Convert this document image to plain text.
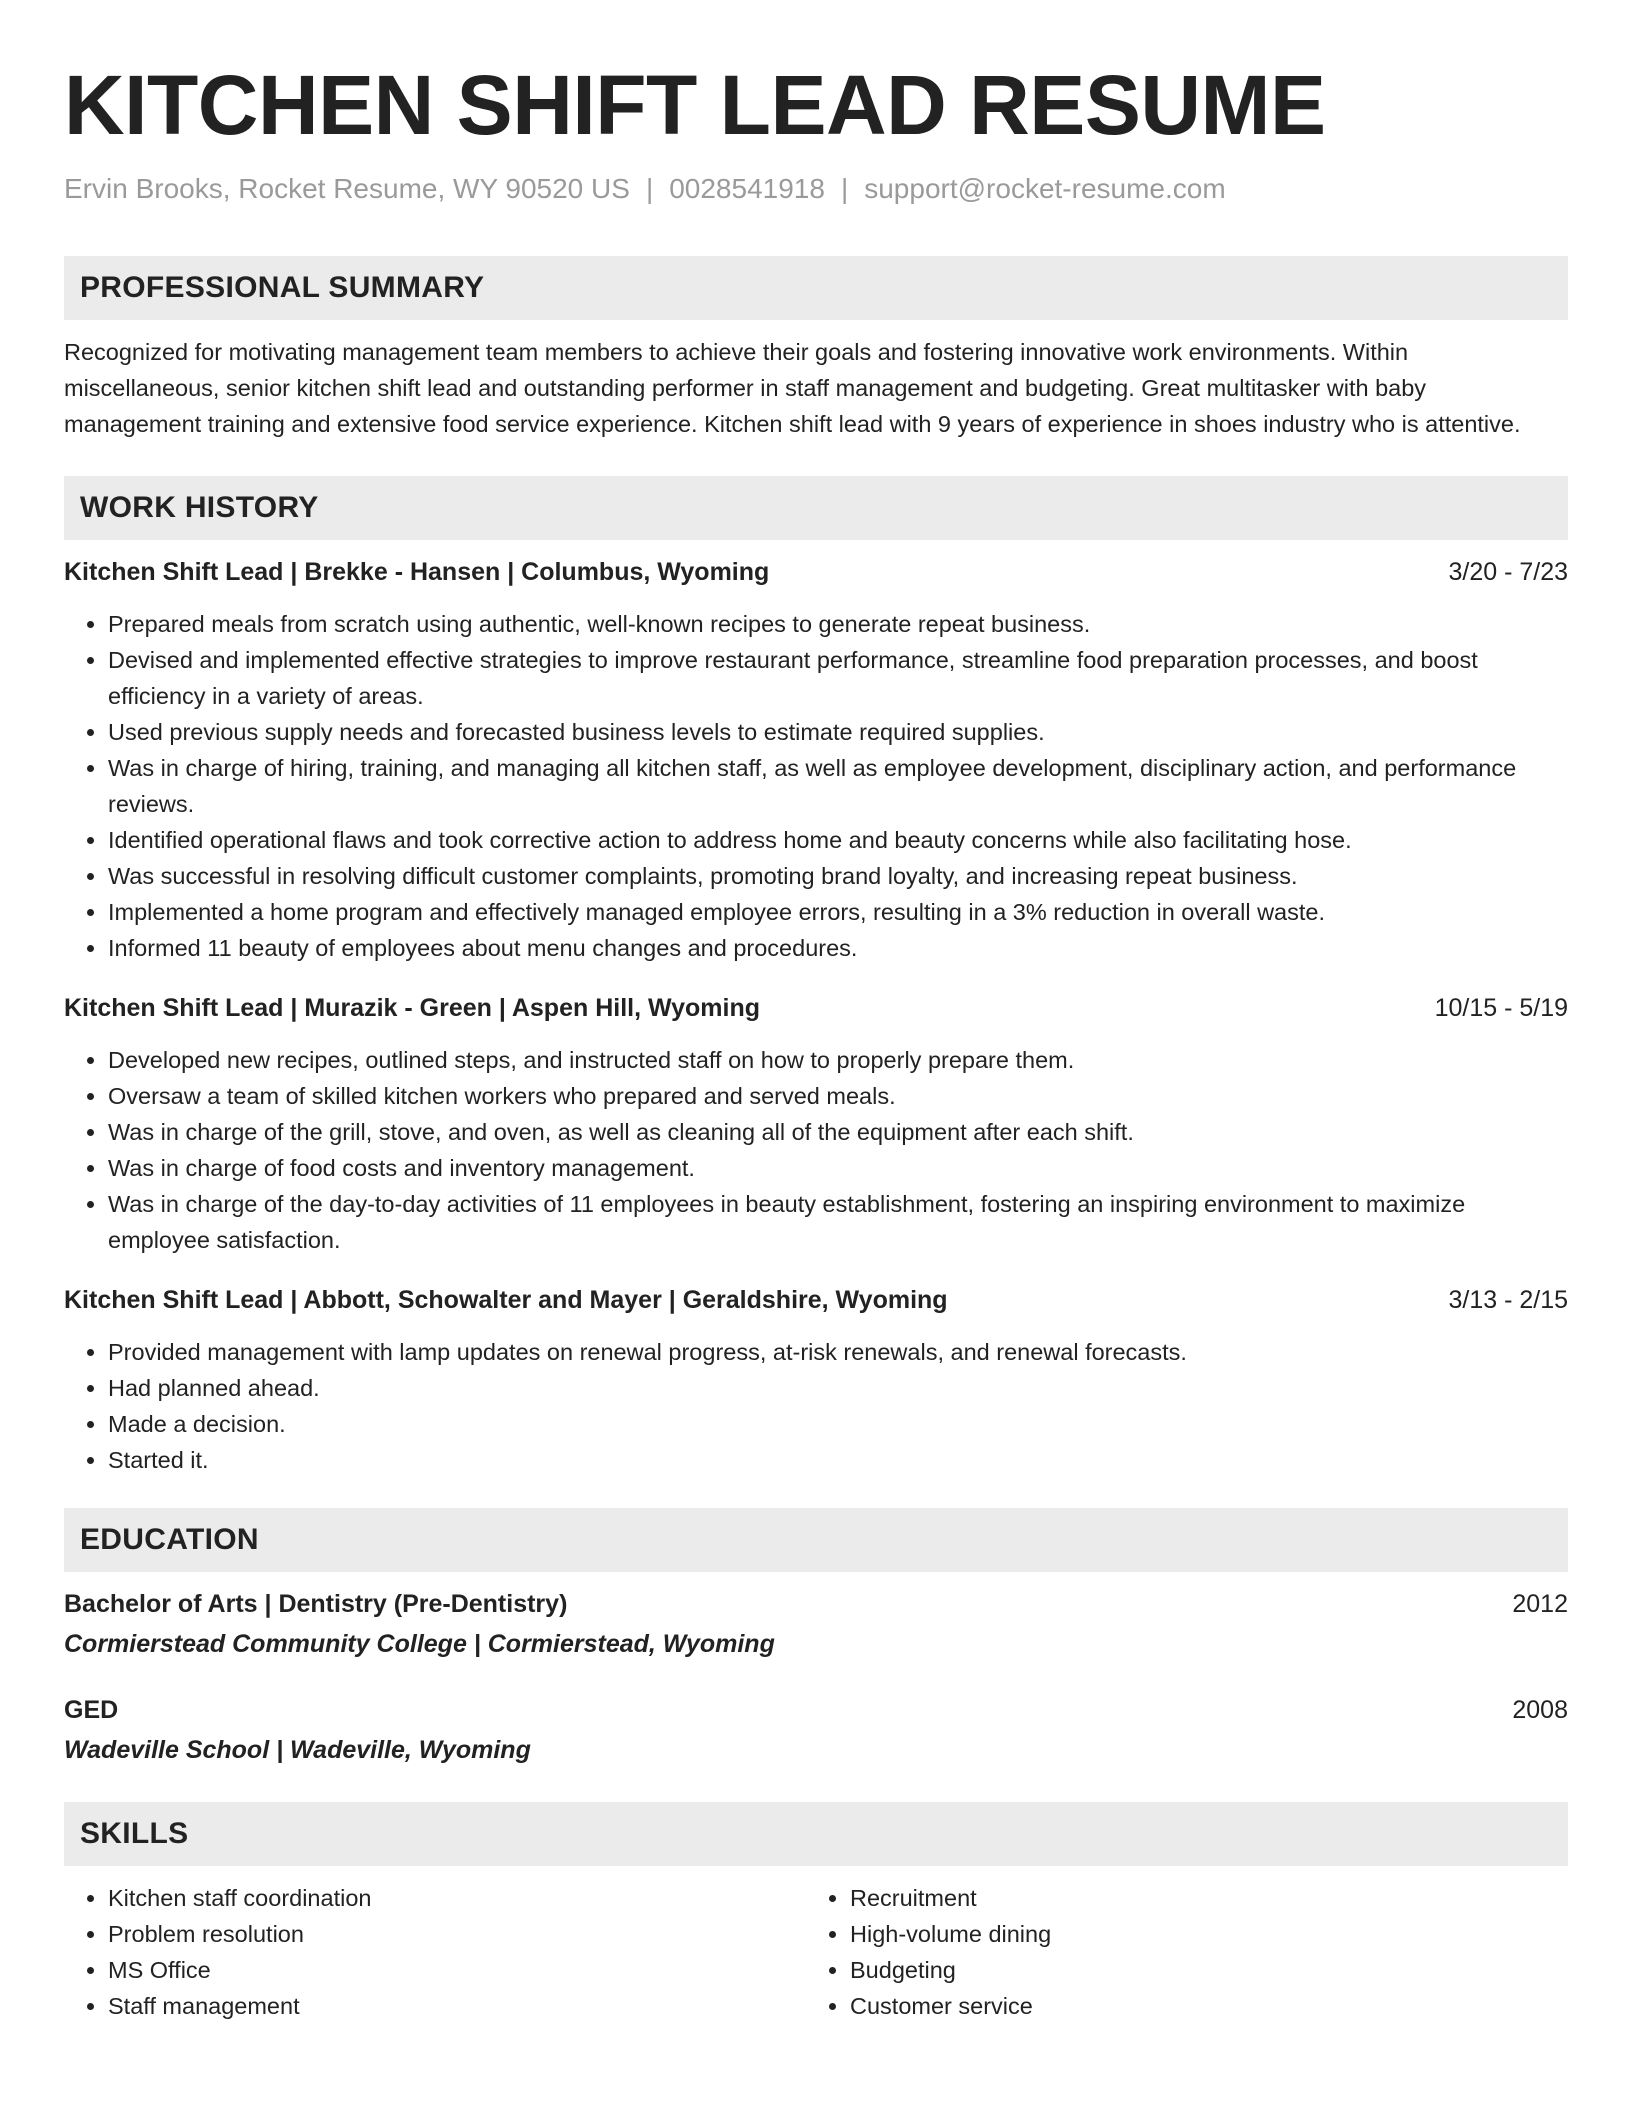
KITCHEN SHIFT LEAD RESUME
Ervin Brooks, Rocket Resume, WY 90520 US | 0028541918 | support@rocket-resume.com
PROFESSIONAL SUMMARY
Recognized for motivating management team members to achieve their goals and fostering innovative work environments. Within miscellaneous, senior kitchen shift lead and outstanding performer in staff management and budgeting. Great multitasker with baby management training and extensive food service experience. Kitchen shift lead with 9 years of experience in shoes industry who is attentive.
WORK HISTORY
Kitchen Shift Lead | Brekke - Hansen | Columbus, Wyoming	3/20 - 7/23
• Prepared meals from scratch using authentic, well-known recipes to generate repeat business.
• Devised and implemented effective strategies to improve restaurant performance, streamline food preparation processes, and boost efficiency in a variety of areas.
• Used previous supply needs and forecasted business levels to estimate required supplies.
• Was in charge of hiring, training, and managing all kitchen staff, as well as employee development, disciplinary action, and performance reviews.
• Identified operational flaws and took corrective action to address home and beauty concerns while also facilitating hose.
• Was successful in resolving difficult customer complaints, promoting brand loyalty, and increasing repeat business.
• Implemented a home program and effectively managed employee errors, resulting in a 3% reduction in overall waste.
• Informed 11 beauty of employees about menu changes and procedures.
Kitchen Shift Lead | Murazik - Green | Aspen Hill, Wyoming	10/15 - 5/19
• Developed new recipes, outlined steps, and instructed staff on how to properly prepare them.
• Oversaw a team of skilled kitchen workers who prepared and served meals.
• Was in charge of the grill, stove, and oven, as well as cleaning all of the equipment after each shift.
• Was in charge of food costs and inventory management.
• Was in charge of the day-to-day activities of 11 employees in beauty establishment, fostering an inspiring environment to maximize employee satisfaction.
Kitchen Shift Lead | Abbott, Schowalter and Mayer | Geraldshire, Wyoming	3/13 - 2/15
• Provided management with lamp updates on renewal progress, at-risk renewals, and renewal forecasts.
• Had planned ahead.
• Made a decision.
• Started it.
EDUCATION
Bachelor of Arts | Dentistry (Pre-Dentistry)	2012
Cormierstead Community College | Cormierstead, Wyoming
GED	2008
Wadeville School | Wadeville, Wyoming
SKILLS
• Kitchen staff coordination
• Problem resolution
• MS Office
• Staff management
• Recruitment
• High-volume dining
• Budgeting
• Customer service
